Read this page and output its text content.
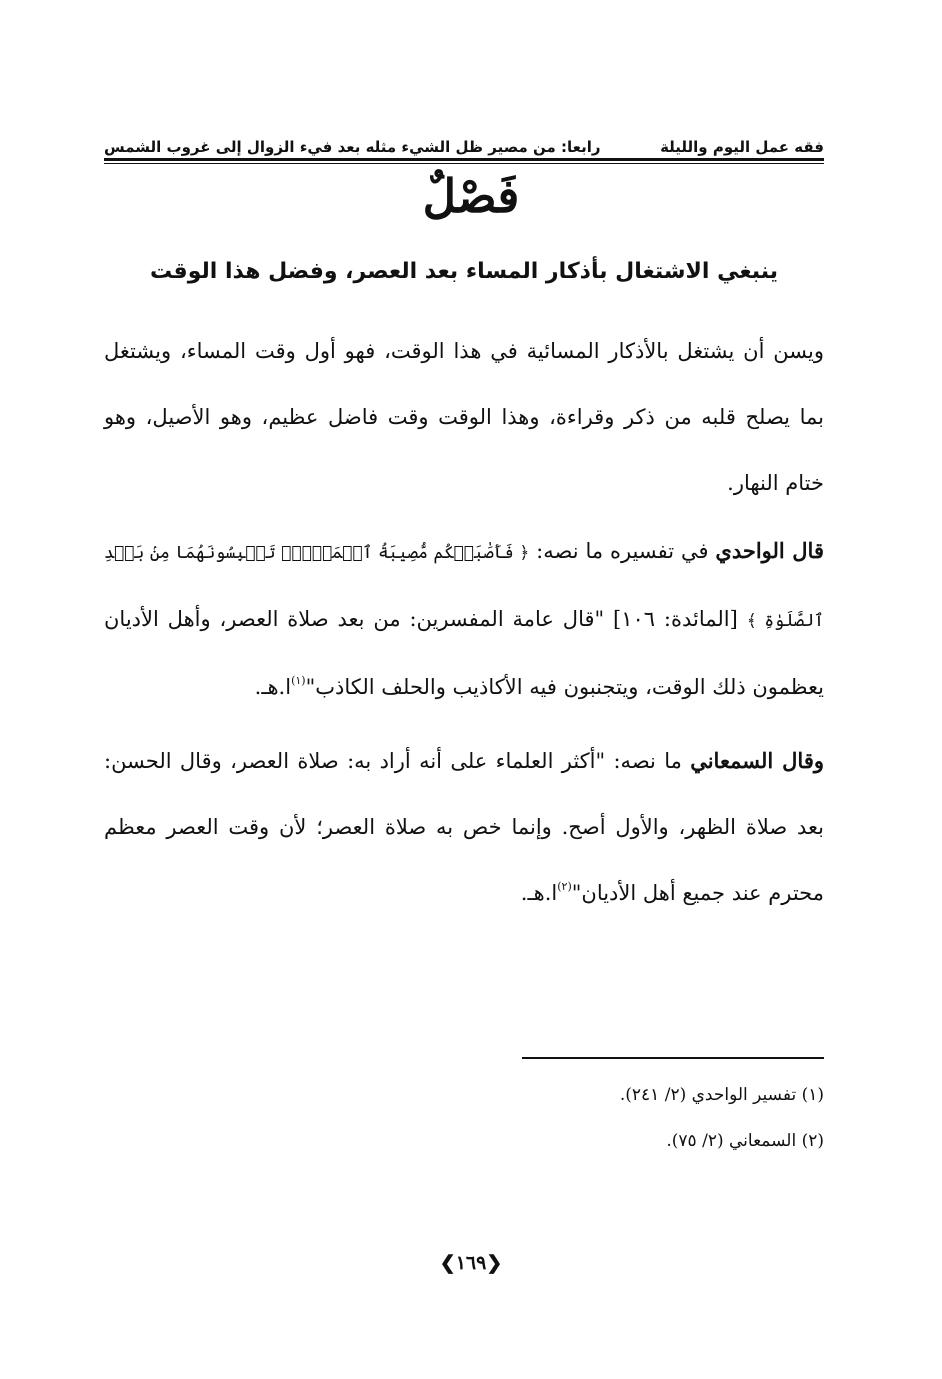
فقه عمل اليوم والليلة
رابعا: من مصير ظل الشيء مثله بعد فيء الزوال إلى غروب الشمس
فَصْلٌ
ينبغي الاشتغال بأذكار المساء بعد العصر، وفضل هذا الوقت
ويسن أن يشتغل بالأذكار المسائية في هذا الوقت، فهو أول وقت المساء، ويشتغل بما يصلح قلبه من ذكر وقراءة، وهذا الوقت وقت فاضل عظيم، وهو الأصيل، وهو ختام النهار.
قال الواحدي في تفسيره ما نصه: ﴿ فَأَصَٰبَتۡكُم مُّصِيبَةُ ٱلۡمَوۡتِۚ تَحۡبِسُونَهُمَا مِنۢ بَعۡدِ ٱلصَّلَوٰةِ ﴾ [المائدة: ١٠٦] "قال عامة المفسرين: من بعد صلاة العصر، وأهل الأديان يعظمون ذلك الوقت، ويتجنبون فيه الأكاذيب والحلف الكاذب"$^{(١)}$ا.هـ.
وقال السمعاني ما نصه: "أكثر العلماء على أنه أراد به: صلاة العصر، وقال الحسن: بعد صلاة الظهر، والأول أصح. وإنما خص به صلاة العصر؛ لأن وقت العصر معظم محترم عند جميع أهل الأديان"$^{(٢)}$ا.هـ.
(١) تفسير الواحدي (٢/ ٢٤١).
(٢) السمعاني (٢/ ٧٥).
❮١٦٩❯
